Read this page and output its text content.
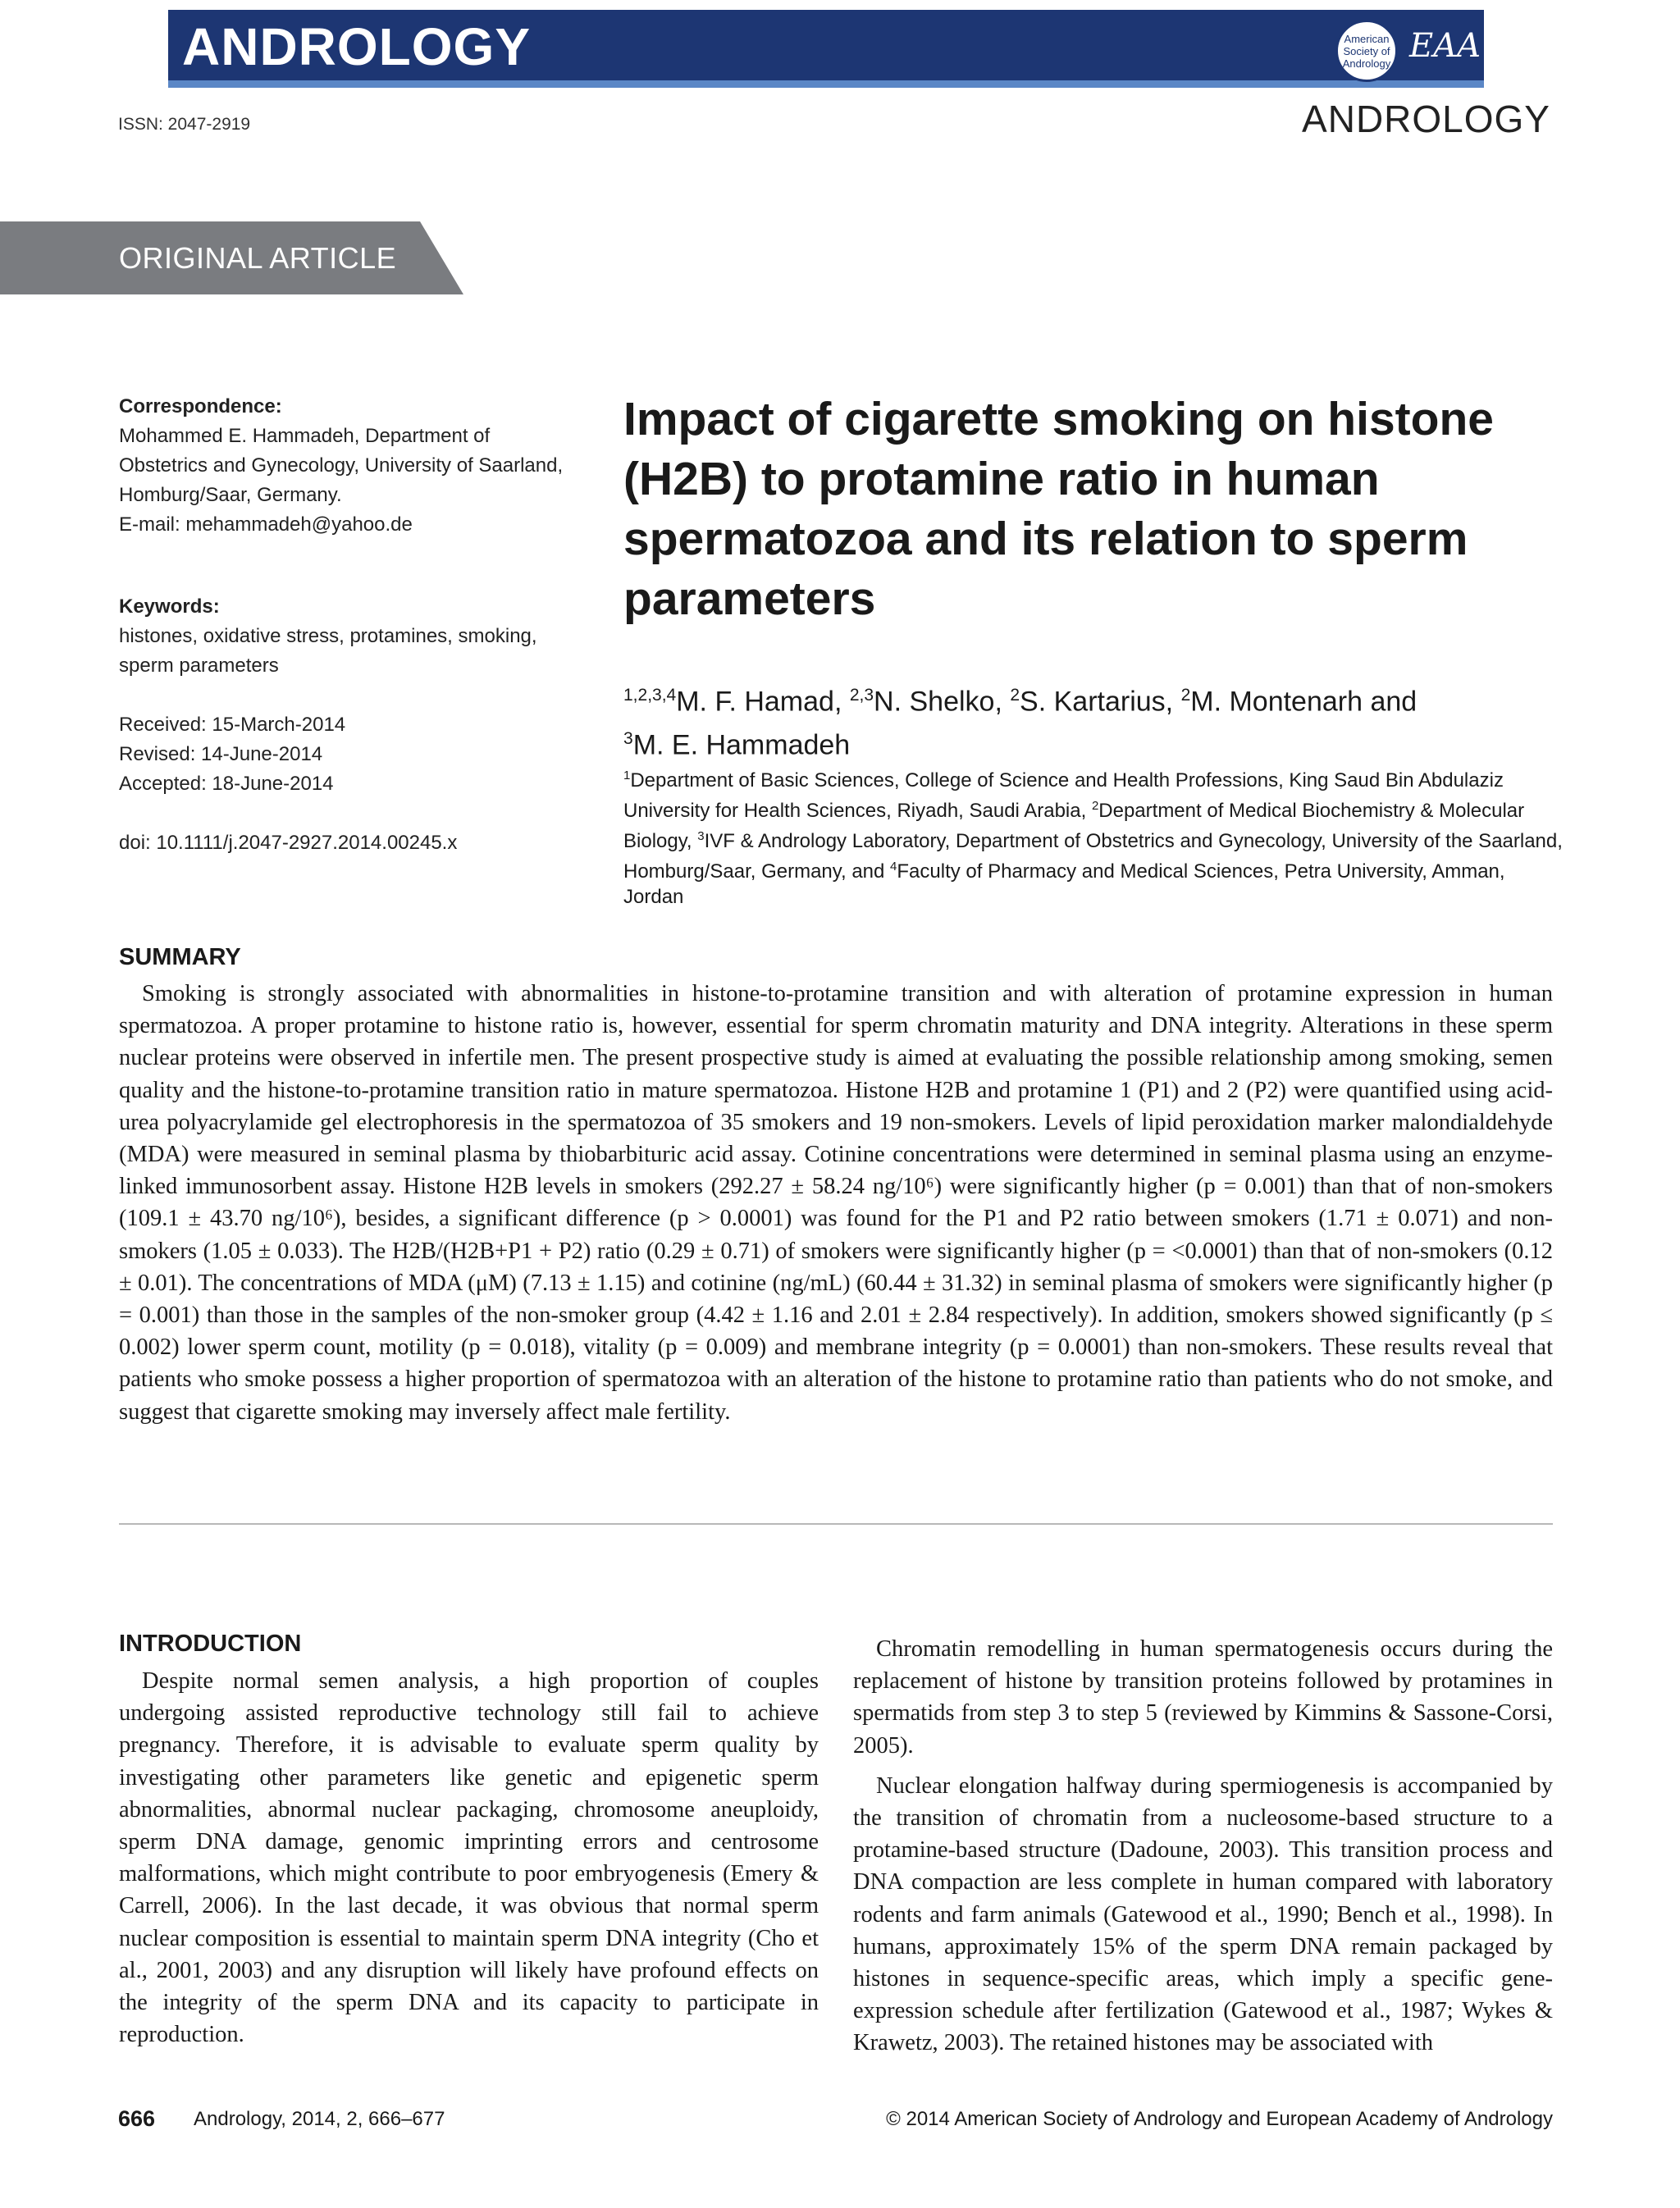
ANDROLOGY	American
Society of
Andrology EAA
ISSN: 2047-2919	ANDROLOGY
ORIGINAL ARTICLE
Correspondence:
Mohammed E. Hammadeh, Department of
Obstetrics and Gynecology, University of Saarland,
Homburg/Saar, Germany.
E-mail: mehammadeh@yahoo.de
Keywords:
histones, oxidative stress, protamines, smoking,
sperm parameters
Received: 15-March-2014
Revised: 14-June-2014
Accepted: 18-June-2014
doi: 10.1111/j.2047-2927.2014.00245.x
Impact of cigarette smoking on histone (H2B) to protamine ratio in human spermatozoa and its relation to sperm parameters
$^{1,2,3,4}$M. F. Hamad, $^{2,3}$N. Shelko, $^2$S. Kartarius, $^2$M. Montenarh and
$^3$M. E. Hammadeh
$^1$Department of Basic Sciences, College of Science and Health Professions, King Saud Bin Abdulaziz University for Health Sciences, Riyadh, Saudi Arabia, $^2$Department of Medical Biochemistry & Molecular Biology, $^3$IVF & Andrology Laboratory, Department of Obstetrics and Gynecology, University of the Saarland, Homburg/Saar, Germany, and $^4$Faculty of Pharmacy and Medical Sciences, Petra University, Amman, Jordan
SUMMARY
Smoking is strongly associated with abnormalities in histone-to-protamine transition and with alteration of protamine expression in human spermatozoa. A proper protamine to histone ratio is, however, essential for sperm chromatin maturity and DNA integrity. Alterations in these sperm nuclear proteins were observed in infertile men. The present prospective study is aimed at evaluating the possible relationship among smoking, semen quality and the histone-to-protamine transition ratio in mature spermatozoa. Histone H2B and protamine 1 (P1) and 2 (P2) were quantified using acid-urea polyacrylamide gel electrophoresis in the spermatozoa of 35 smokers and 19 non-smokers. Levels of lipid peroxidation marker malondialdehyde (MDA) were measured in seminal plasma by thiobarbituric acid assay. Cotinine concentrations were determined in seminal plasma using an enzyme-linked immunosorbent assay. Histone H2B levels in smokers (292.27 ± 58.24 ng/10⁶) were significantly higher (p = 0.001) than that of non-smokers (109.1 ± 43.70 ng/10⁶), besides, a significant difference (p > 0.0001) was found for the P1 and P2 ratio between smokers (1.71 ± 0.071) and non-smokers (1.05 ± 0.033). The H2B/(H2B+P1 + P2) ratio (0.29 ± 0.71) of smokers were significantly higher (p = <0.0001) than that of non-smokers (0.12 ± 0.01). The concentrations of MDA (μM) (7.13 ± 1.15) and cotinine (ng/mL) (60.44 ± 31.32) in seminal plasma of smokers were significantly higher (p = 0.001) than those in the samples of the non-smoker group (4.42 ± 1.16 and 2.01 ± 2.84 respectively). In addition, smokers showed significantly (p ≤ 0.002) lower sperm count, motility (p = 0.018), vitality (p = 0.009) and membrane integrity (p = 0.0001) than non-smokers. These results reveal that patients who smoke possess a higher proportion of spermatozoa with an alteration of the histone to protamine ratio than patients who do not smoke, and suggest that cigarette smoking may inversely affect male fertility.
INTRODUCTION

Despite normal semen analysis, a high proportion of couples undergoing assisted reproductive technology still fail to achieve pregnancy. Therefore, it is advisable to evaluate sperm quality by investigating other parameters like genetic and epigenetic sperm abnormalities, abnormal nuclear packaging, chromosome aneuploidy, sperm DNA damage, genomic imprinting errors and centrosome malformations, which might contribute to poor embryogenesis (Emery & Carrell, 2006). In the last decade, it was obvious that normal sperm nuclear composition is essential to maintain sperm DNA integrity (Cho et al., 2001, 2003) and any disruption will likely have profound effects on the integrity of the sperm DNA and its capacity to participate in reproduction.

Chromatin remodelling in human spermatogenesis occurs during the replacement of histone by transition proteins followed by protamines in spermatids from step 3 to step 5 (reviewed by Kimmins & Sassone-Corsi, 2005).

Nuclear elongation halfway during spermiogenesis is accompanied by the transition of chromatin from a nucleosome-based structure to a protamine-based structure (Dadoune, 2003). This transition process and DNA compaction are less complete in human compared with laboratory rodents and farm animals (Gatewood et al., 1990; Bench et al., 1998). In humans, approximately 15% of the sperm DNA remain packaged by histones in sequence-specific areas, which imply a specific gene-expression schedule after fertilization (Gatewood et al., 1987; Wykes & Krawetz, 2003). The retained histones may be associated with

666 Andrology, 2014, 2, 666–677	© 2014 American Society of Andrology and European Academy of Andrology
